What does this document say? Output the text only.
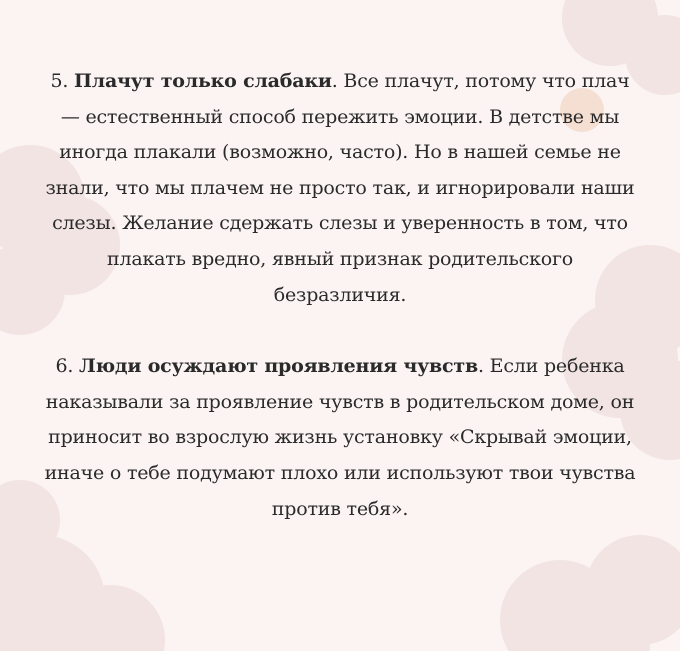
5. Плачут только слабаки. Все плачут, потому что плач — естественный способ пережить эмоции. В детстве мы иногда плакали (возможно, часто). Но в нашей семье не знали, что мы плачем не просто так, и игнорировали наши слезы. Желание сдержать слезы и уверенность в том, что плакать вредно, явный признак родительского безразличия.

6. Люди осуждают проявления чувств. Если ребенка наказывали за проявление чувств в родительском доме, он приносит во взрослую жизнь установку «Скрывай эмоции, иначе о тебе подумают плохо или используют твои чувства против тебя».
